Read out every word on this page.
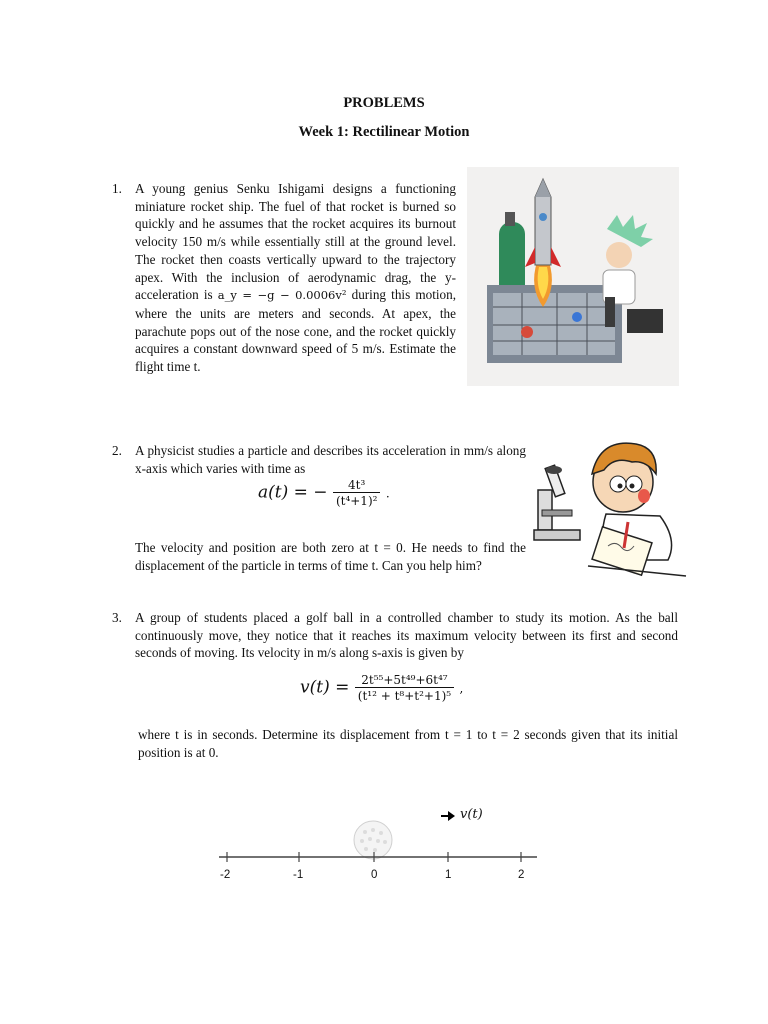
PROBLEMS
Week 1: Rectilinear Motion
1. A young genius Senku Ishigami designs a functioning miniature rocket ship. The fuel of that rocket is burned so quickly and he assumes that the rocket acquires its burnout velocity 150 m/s while essentially still at the ground level. The rocket then coasts vertically upward to the trajectory apex. With the inclusion of aerodynamic drag, the y-acceleration is a_y = −g − 0.0006v² during this motion, where the units are meters and seconds. At apex, the parachute pops out of the nose cone, and the rocket quickly acquires a constant downward speed of 5 m/s. Estimate the flight time t.
2. A physicist studies a particle and describes its acceleration in mm/s along x-axis which varies with time as
a(t) = − $\frac{\text{4t³}}{\text{(t⁴+1)²}}$ .
The velocity and position are both zero at t = 0. He needs to find the displacement of the particle in terms of time t. Can you help him?
3. A group of students placed a golf ball in a controlled chamber to study its motion. As the ball continuously move, they notice that it reaches its maximum velocity between its first and second seconds of moving. Its velocity in m/s along s-axis is given by
$v(t) = \frac{\text{2t⁵⁵+5t⁴⁹+6t⁴⁷}}{\text{(t¹² + t⁸+t²+1)⁵}}$ ,
where t is in seconds. Determine its displacement from t = 1 to t = 2 seconds given that its initial position is at 0.
-2	-1	0	1	2
v(t)
